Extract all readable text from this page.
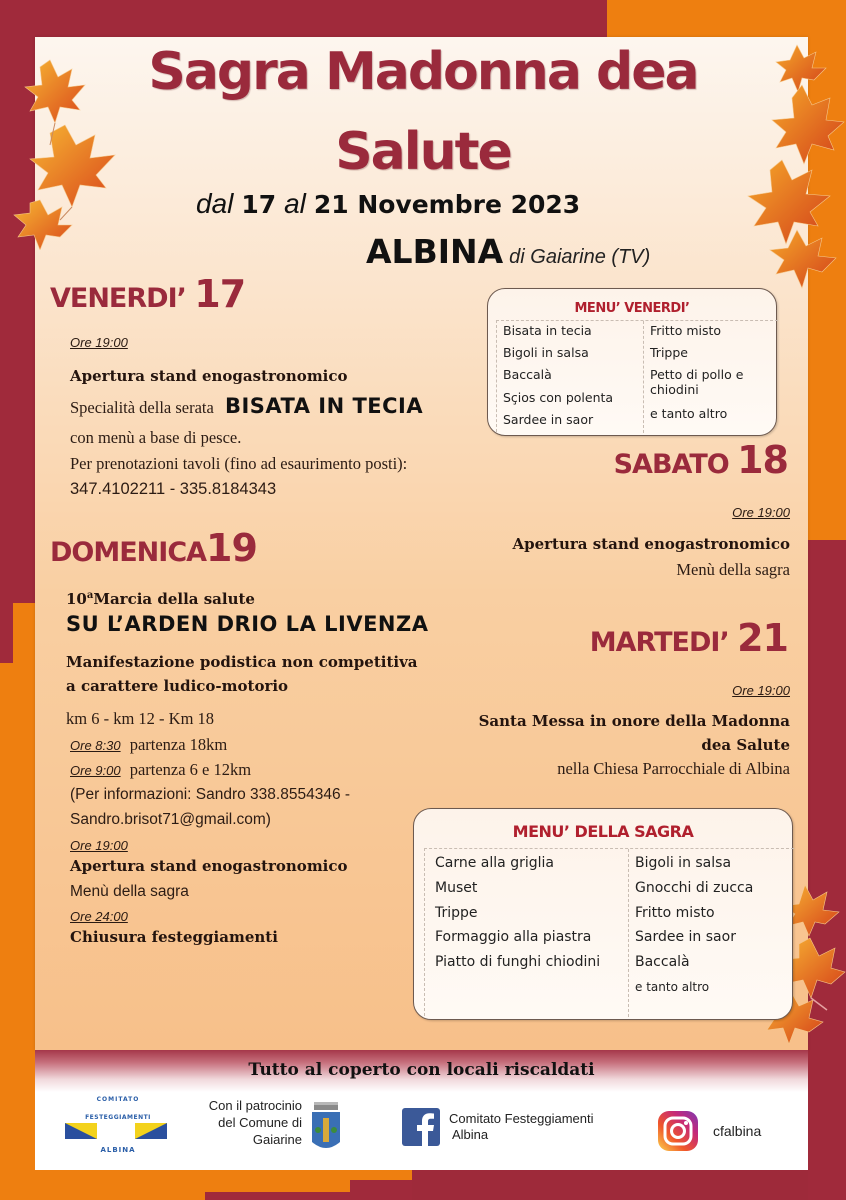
Sagra Madonna dea
Salute
dal 17 al 21 Novembre 2023
ALBINA di Gaiarine (TV)
VENERDI’ 17
Ore 19:00
Apertura stand enogastronomico
Specialità della serata BISATA IN TECIA
con menù a base di pesce.
Per prenotazioni tavoli (fino ad esaurimento posti):
347.4102211 - 335.8184343
MENU’ VENERDI’
Bisata in tecia
Bigoli in salsa
Baccalà
Sçios con polenta
Sardee in saor
Fritto misto
Trippe
Petto di pollo e
chiodini
e tanto altro
SABATO 18
Ore 19:00
Apertura stand enogastronomico
Menù della sagra
DOMENICA19
10$^a$Marcia della salute
SU L’ARDEN DRIO LA LIVENZA
Manifestazione podistica non competitiva
a carattere ludico-motorio
km 6 - km 12 - Km 18
Ore 8:30 partenza 18km
Ore 9:00 partenza 6 e 12km
(Per informazioni: Sandro 338.8554346 -
Sandro.brisot71@gmail.com)
Ore 19:00
Apertura stand enogastronomico
Menù della sagra
Ore 24:00
Chiusura festeggiamenti
MARTEDI’ 21
Ore 19:00
Santa Messa in onore della Madonna
dea Salute
nella Chiesa Parrocchiale di Albina
MENU’ DELLA SAGRA
Carne alla griglia
Muset
Trippe
Formaggio alla piastra
Piatto di funghi chiodini
Bigoli in salsa
Gnocchi di zucca
Fritto misto
Sardee in saor
Baccalà
e tanto altro
Tutto al coperto con locali riscaldati
COMITATO
FESTEGGIAMENTI
ALBINA
Con il patrocinio
del Comune di
Gaiarine
Comitato Festeggiamenti
Albina	cfalbina
